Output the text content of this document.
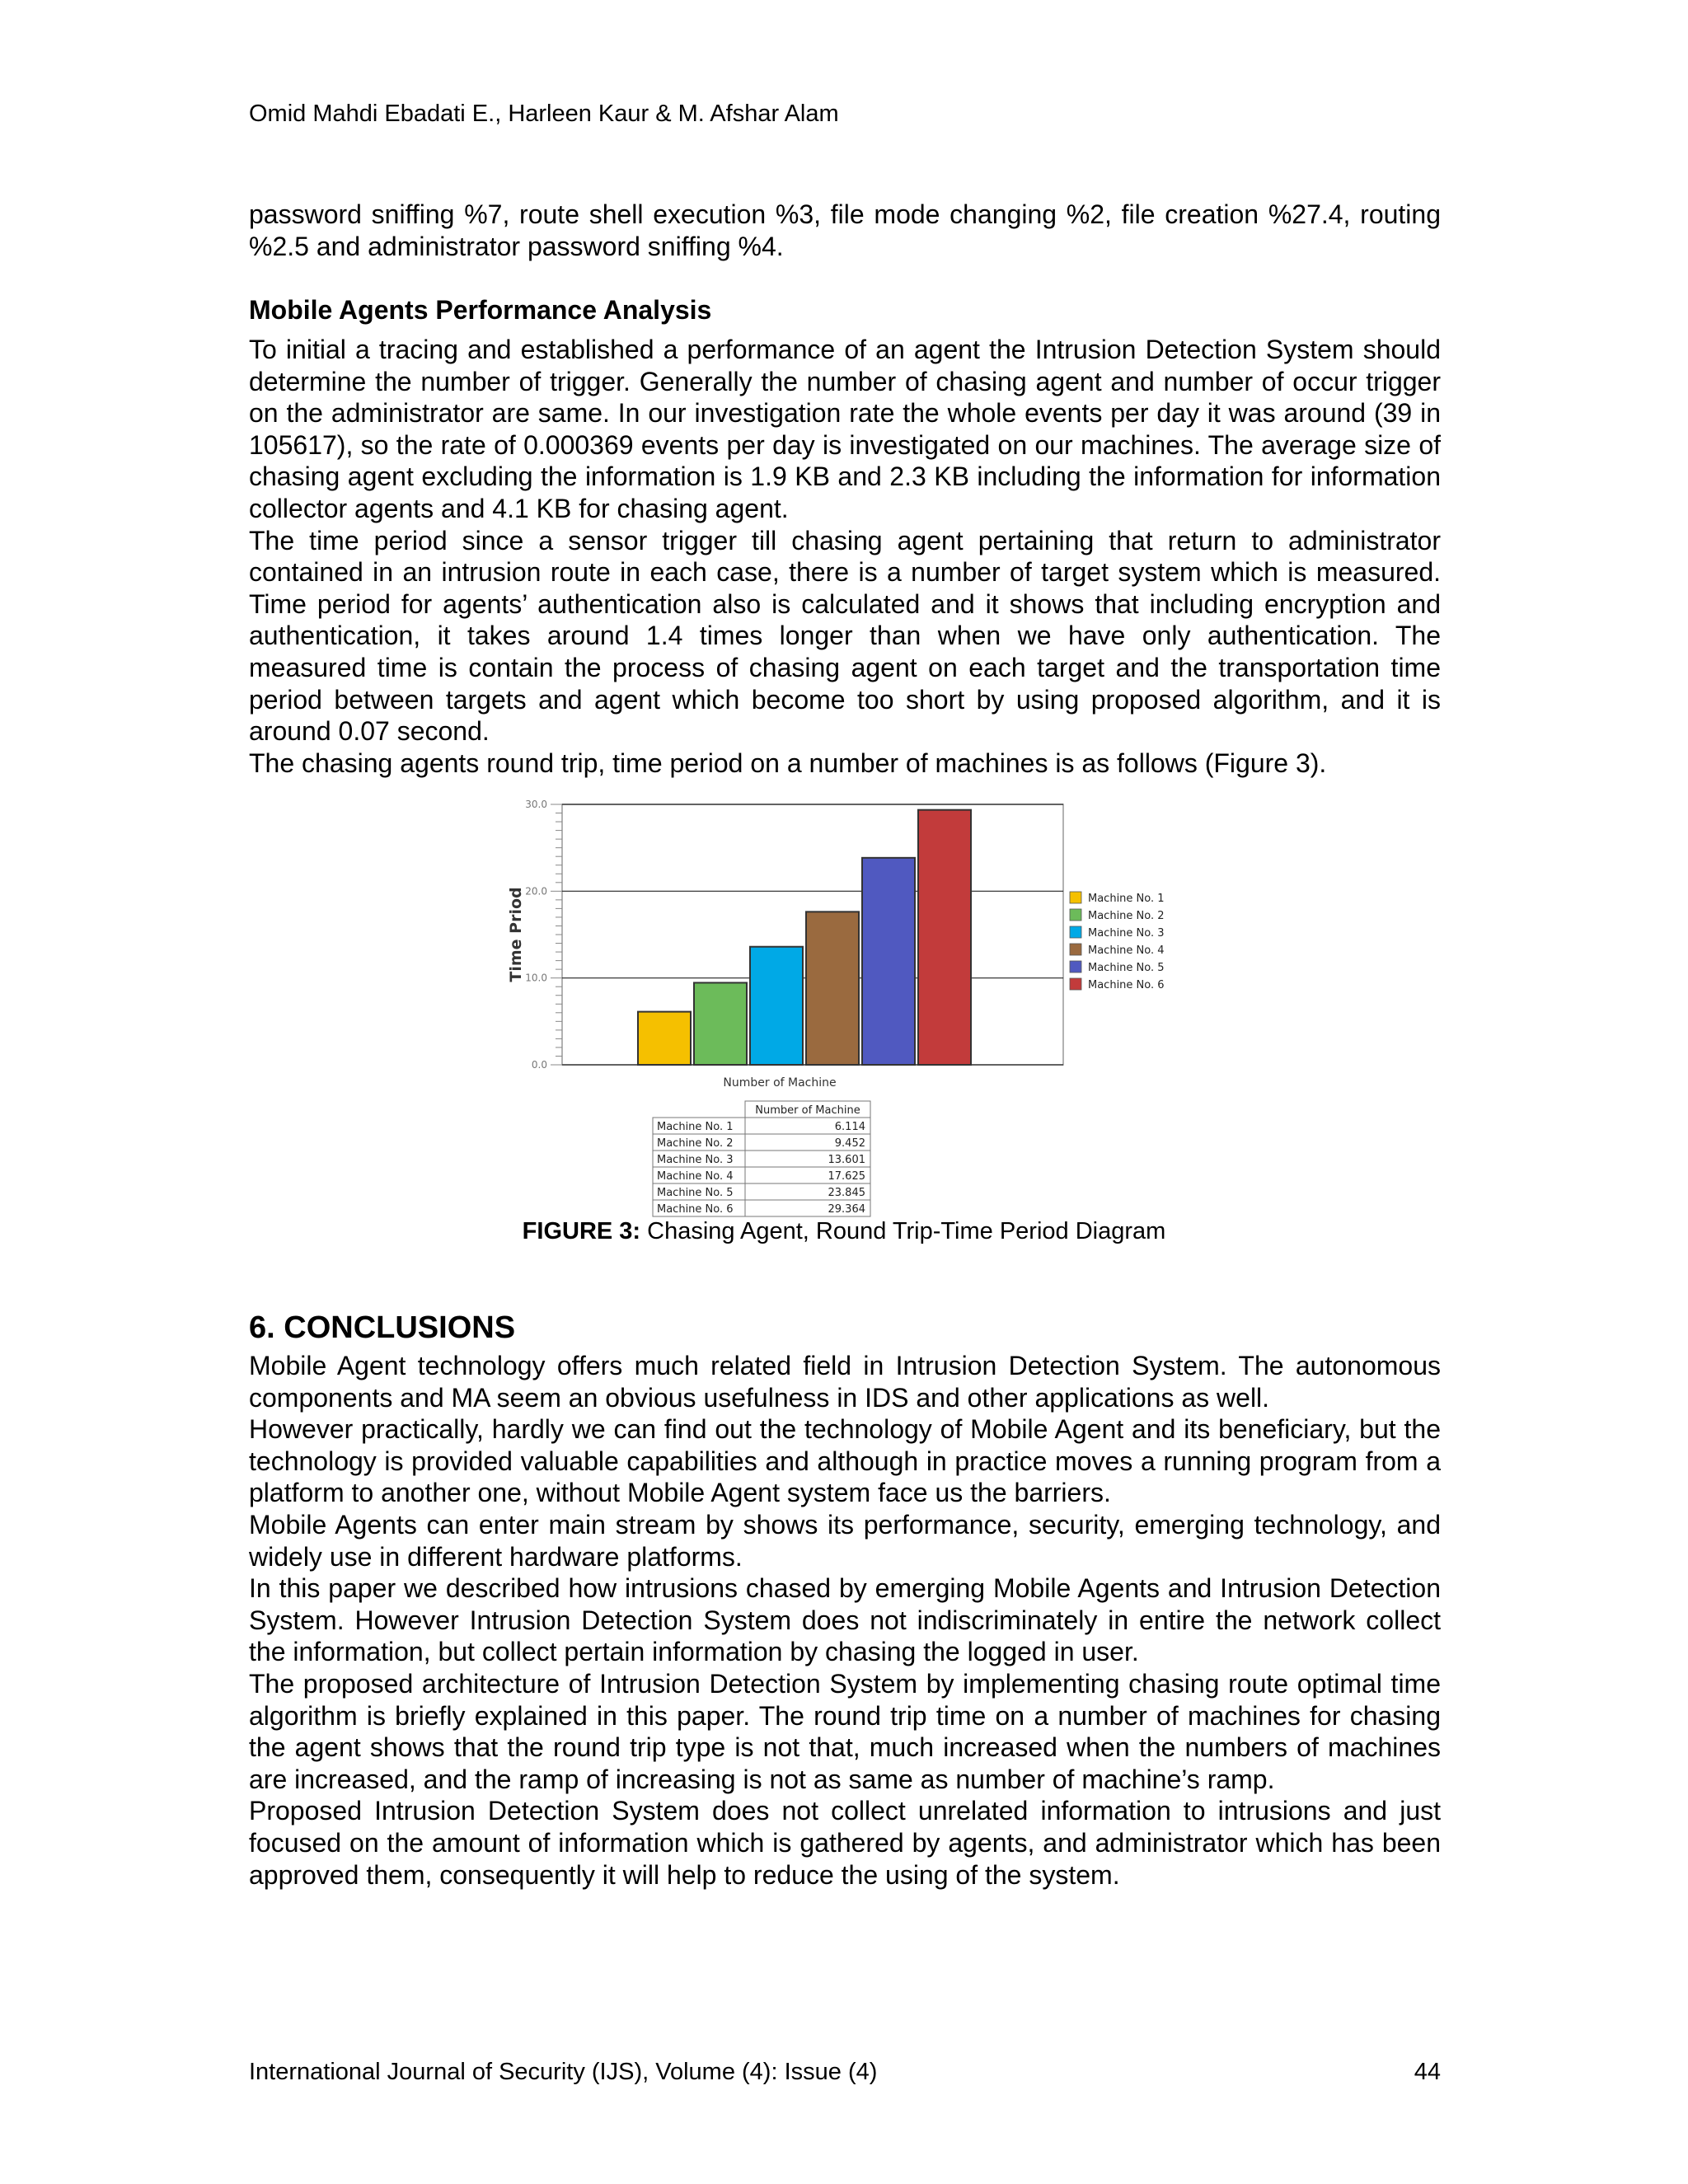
Omid Mahdi Ebadati E., Harleen Kaur & M. Afshar Alam

password sniffing %7, route shell execution %3, file mode changing %2, file creation %27.4, routing %2.5 and administrator password sniffing %4.

Mobile Agents Performance Analysis

To initial a tracing and established a performance of an agent the Intrusion Detection System should determine the number of trigger. Generally the number of chasing agent and number of occur trigger on the administrator are same. In our investigation rate the whole events per day it was around (39 in 105617), so the rate of 0.000369 events per day is investigated on our machines. The average size of chasing agent excluding the information is 1.9 KB and 2.3 KB including the information for information collector agents and 4.1 KB for chasing agent.

The time period since a sensor trigger till chasing agent pertaining that return to administrator contained in an intrusion route in each case, there is a number of target system which is measured. Time period for agents’ authentication also is calculated and it shows that including encryption and authentication, it takes around 1.4 times longer than when we have only authentication. The measured time is contain the process of chasing agent on each target and the transportation time period between targets and agent which become too short by using proposed algorithm, and it is around 0.07 second.

The chasing agents round trip, time period on a number of machines is as follows (Figure 3).

0.0
10.0
20.0
30.0
Time Priod
Number of Machine
Machine No. 1
Machine No. 2
Machine No. 3
Machine No. 4
Machine No. 5
Machine No. 6
Number of Machine
Machine No. 1	6.114
Machine No. 2	9.452
Machine No. 3	13.601
Machine No. 4	17.625
Machine No. 5	23.845
Machine No. 6	29.364
FIGURE 3: Chasing Agent, Round Trip-Time Period Diagram

6. CONCLUSIONS

Mobile Agent technology offers much related field in Intrusion Detection System. The autonomous components and MA seem an obvious usefulness in IDS and other applications as well.

However practically, hardly we can find out the technology of Mobile Agent and its beneficiary, but the technology is provided valuable capabilities and although in practice moves a running program from a platform to another one, without Mobile Agent system face us the barriers.

Mobile Agents can enter main stream by shows its performance, security, emerging technology, and widely use in different hardware platforms.

In this paper we described how intrusions chased by emerging Mobile Agents and Intrusion Detection System. However Intrusion Detection System does not indiscriminately in entire the network collect the information, but collect pertain information by chasing the logged in user.

The proposed architecture of Intrusion Detection System by implementing chasing route optimal time algorithm is briefly explained in this paper. The round trip time on a number of machines for chasing the agent shows that the round trip type is not that, much increased when the numbers of machines are increased, and the ramp of increasing is not as same as number of machine’s ramp.

Proposed Intrusion Detection System does not collect unrelated information to intrusions and just focused on the amount of information which is gathered by agents, and administrator which has been approved them, consequently it will help to reduce the using of the system.

International Journal of Security (IJS), Volume (4): Issue (4)	44
